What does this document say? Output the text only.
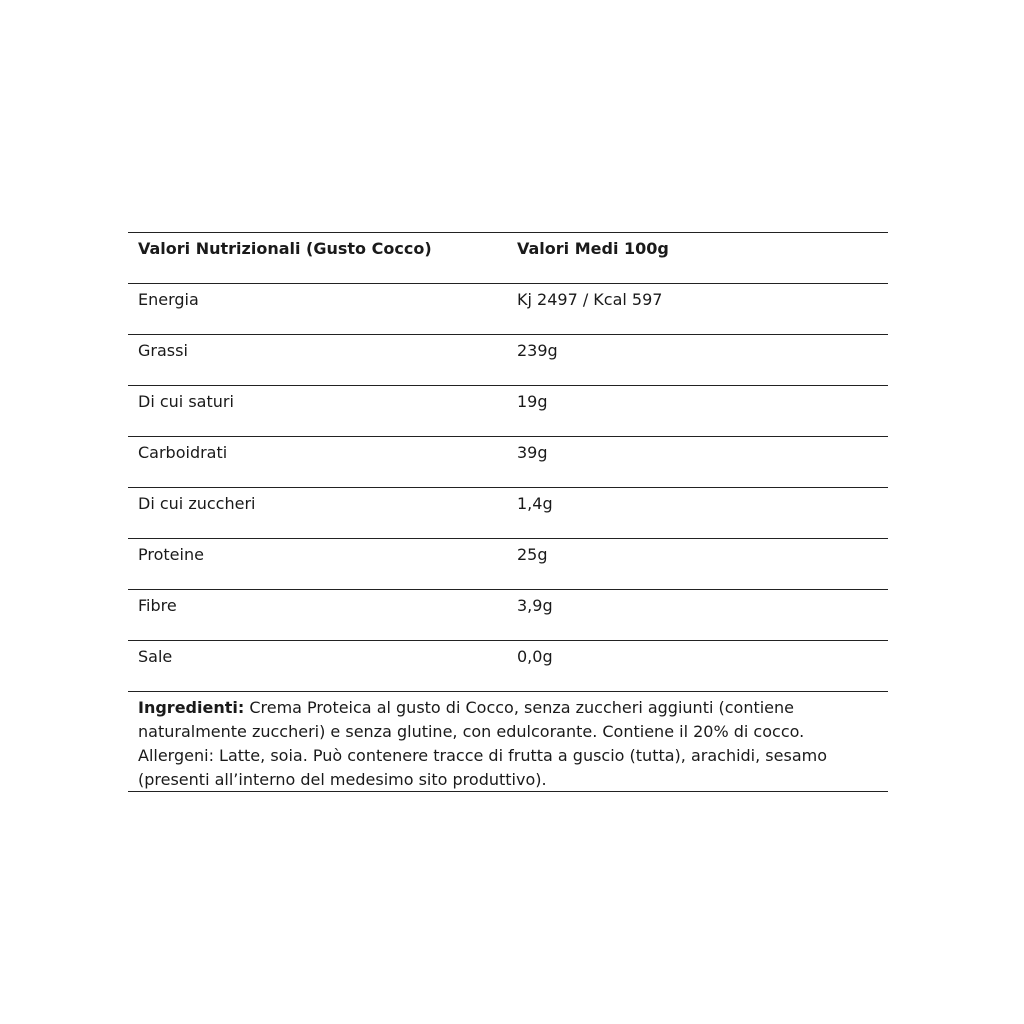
Valori Nutrizionali (Gusto Cocco)	Valori Medi 100g
Energia	Kj 2497 / Kcal 597
Grassi	239g
Di cui saturi	19g
Carboidrati	39g
Di cui zuccheri	1,4g
Proteine	25g
Fibre	3,9g
Sale	0,0g
Ingredienti: Crema Proteica al gusto di Cocco, senza zuccheri aggiunti (contiene
naturalmente zuccheri) e senza glutine, con edulcorante. Contiene il 20% di cocco.
Allergeni: Latte, soia. Può contenere tracce di frutta a guscio (tutta), arachidi, sesamo
(presenti all’interno del medesimo sito produttivo).
